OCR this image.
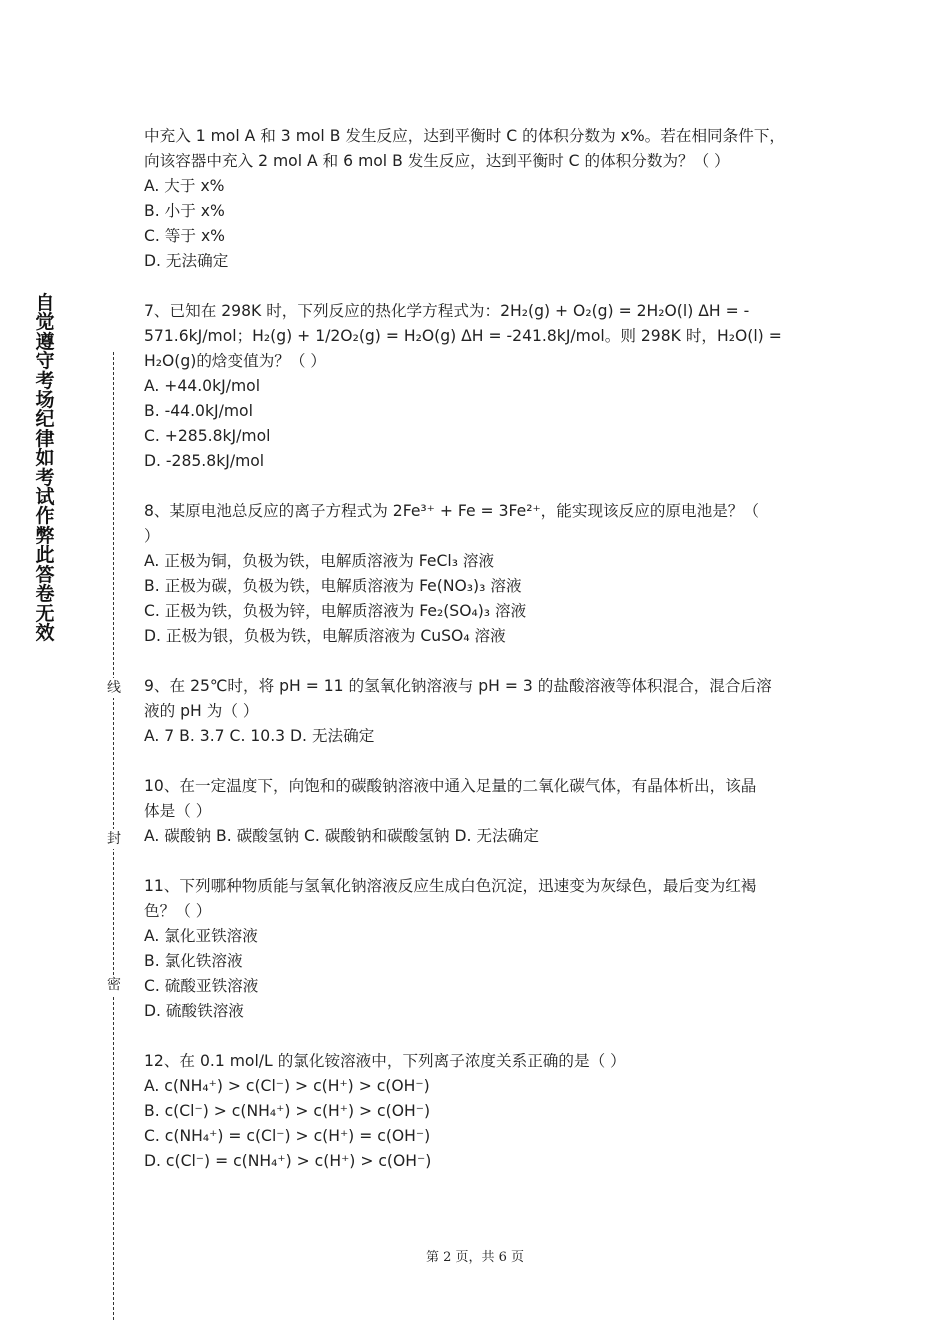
自
觉
遵
守
考
场
纪
律
如
考
试
作
弊
此
答
卷
无
效
线
封
密
中充入 1 mol A 和 3 mol B 发生反应，达到平衡时 C 的体积分数为 x%。若在相同条件下，
向该容器中充入 2 mol A 和 6 mol B 发生反应，达到平衡时 C 的体积分数为？（ ）
A. 大于 x%
B. 小于 x%
C. 等于 x%
D. 无法确定
7、已知在 298K 时，下列反应的热化学方程式为：2H₂(g) + O₂(g) = 2H₂O(l) ΔH = -
571.6kJ/mol；H₂(g) + 1/2O₂(g) = H₂O(g) ΔH = -241.8kJ/mol。则 298K 时，H₂O(l) =
H₂O(g)的焓变值为？（ ）
A. +44.0kJ/mol
B. -44.0kJ/mol
C. +285.8kJ/mol
D. -285.8kJ/mol
8、某原电池总反应的离子方程式为 2Fe³⁺ + Fe = 3Fe²⁺，能实现该反应的原电池是？（
）
A. 正极为铜，负极为铁，电解质溶液为 FeCl₃ 溶液
B. 正极为碳，负极为铁，电解质溶液为 Fe(NO₃)₃ 溶液
C. 正极为铁，负极为锌，电解质溶液为 Fe₂(SO₄)₃ 溶液
D. 正极为银，负极为铁，电解质溶液为 CuSO₄ 溶液
9、在 25℃时，将 pH = 11 的氢氧化钠溶液与 pH = 3 的盐酸溶液等体积混合，混合后溶
液的 pH 为（ ）
A. 7 B. 3.7 C. 10.3 D. 无法确定
10、在一定温度下，向饱和的碳酸钠溶液中通入足量的二氧化碳气体，有晶体析出，该晶
体是（ ）
A. 碳酸钠 B. 碳酸氢钠 C. 碳酸钠和碳酸氢钠 D. 无法确定
11、下列哪种物质能与氢氧化钠溶液反应生成白色沉淀，迅速变为灰绿色，最后变为红褐
色？（ ）
A. 氯化亚铁溶液
B. 氯化铁溶液
C. 硫酸亚铁溶液
D. 硫酸铁溶液
12、在 0.1 mol/L 的氯化铵溶液中，下列离子浓度关系正确的是（ ）
A. c(NH₄⁺) > c(Cl⁻) > c(H⁺) > c(OH⁻)
B. c(Cl⁻) > c(NH₄⁺) > c(H⁺) > c(OH⁻)
C. c(NH₄⁺) = c(Cl⁻) > c(H⁺) = c(OH⁻)
D. c(Cl⁻) = c(NH₄⁺) > c(H⁺) > c(OH⁻)
第 2 页，共 6 页
